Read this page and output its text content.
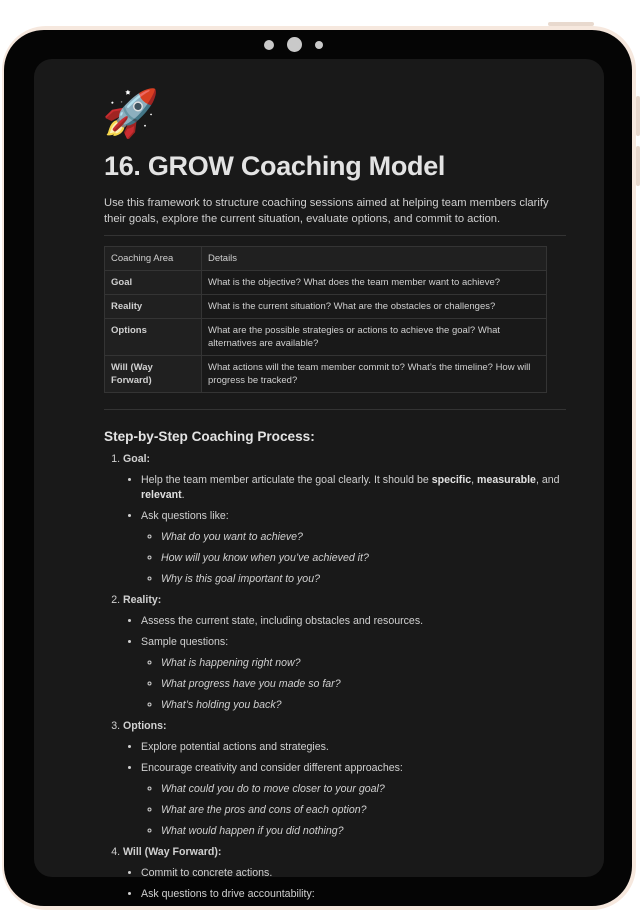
🚀
16. GROW Coaching Model

Use this framework to structure coaching sessions aimed at helping team members clarify their goals, explore the current situation, evaluate options, and commit to action.

Coaching Area	Details
Goal	What is the objective? What does the team member want to achieve?
Reality	What is the current situation? What are the obstacles or challenges?
Options	What are the possible strategies or actions to achieve the goal? What alternatives are available?
Will (Way Forward)	What actions will the team member commit to? What’s the timeline? How will progress be tracked?
Step-by-Step Coaching Process:
1. Goal:
• Help the team member articulate the goal clearly. It should be specific, measurable, and relevant.
• Ask questions like:
◦ What do you want to achieve?
◦ How will you know when you’ve achieved it?
◦ Why is this goal important to you?
2. Reality:
• Assess the current state, including obstacles and resources.
• Sample questions:
◦ What is happening right now?
◦ What progress have you made so far?
◦ What’s holding you back?
3. Options:
• Explore potential actions and strategies.
• Encourage creativity and consider different approaches:
◦ What could you do to move closer to your goal?
◦ What are the pros and cons of each option?
◦ What would happen if you did nothing?
4. Will (Way Forward):
• Commit to concrete actions.
• Ask questions to drive accountability:
